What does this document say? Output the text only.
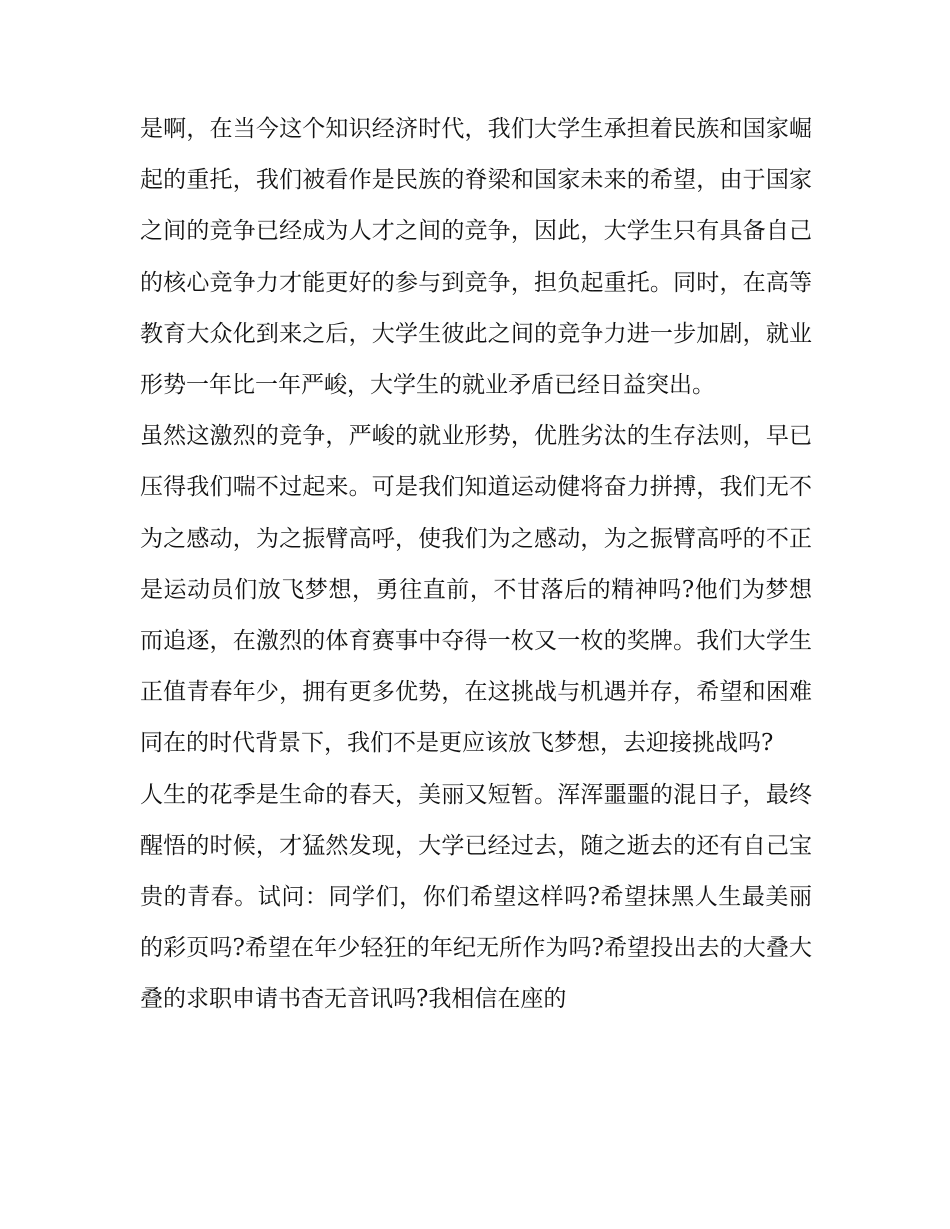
是啊，在当今这个知识经济时代，我们大学生承担着民族和国家崛起的重托，我们被看作是民族的脊梁和国家未来的希望，由于国家之间的竞争已经成为人才之间的竞争，因此，大学生只有具备自己的核心竞争力才能更好的参与到竞争，担负起重托。同时，在高等教育大众化到来之后，大学生彼此之间的竞争力进一步加剧，就业形势一年比一年严峻，大学生的就业矛盾已经日益突出。

虽然这激烈的竞争，严峻的就业形势，优胜劣汰的生存法则，早已压得我们喘不过起来。可是我们知道运动健将奋力拼搏，我们无不为之感动，为之振臂高呼，使我们为之感动，为之振臂高呼的不正是运动员们放飞梦想，勇往直前，不甘落后的精神吗?他们为梦想而追逐，在激烈的体育赛事中夺得一枚又一枚的奖牌。我们大学生正值青春年少，拥有更多优势，在这挑战与机遇并存，希望和困难同在的时代背景下，我们不是更应该放飞梦想，去迎接挑战吗?

人生的花季是生命的春天，美丽又短暂。浑浑噩噩的混日子，最终醒悟的时候，才猛然发现，大学已经过去，随之逝去的还有自己宝贵的青春。试问：同学们，你们希望这样吗?希望抹黑人生最美丽的彩页吗?希望在年少轻狂的年纪无所作为吗?希望投出去的大叠大叠的求职申请书杳无音讯吗?我相信在座的
